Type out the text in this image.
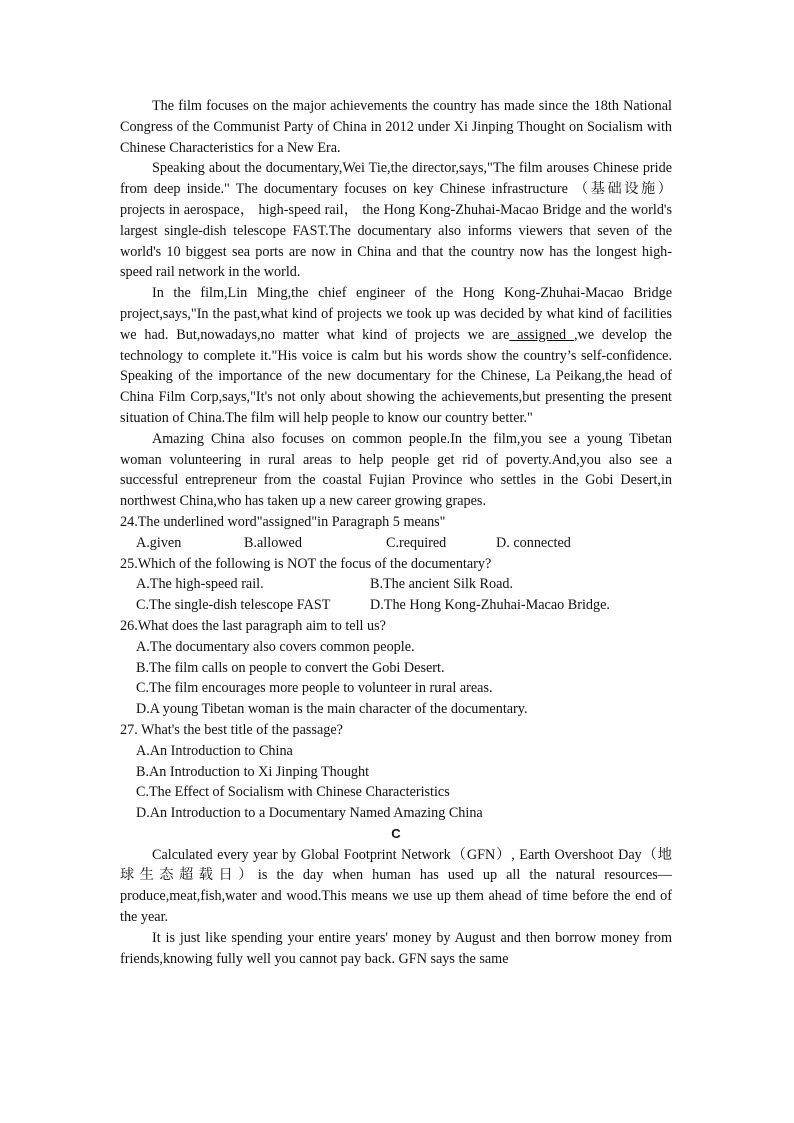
The film focuses on the major achievements the country has made since the 18th National Congress of the Communist Party of China in 2012 under Xi Jinping Thought on Socialism with Chinese Characteristics for a New Era.

Speaking about the documentary,Wei Tie,the director,says,"The film arouses Chinese pride from deep inside." The documentary focuses on key Chinese infrastructure （基础设施） projects in aerospace， high-speed rail， the Hong Kong-Zhuhai-Macao Bridge and the world's largest single-dish telescope FAST.The documentary also informs viewers that seven of the world's 10 biggest sea ports are now in China and that the country now has the longest high-speed rail network in the world.

In the film,Lin Ming,the chief engineer of the Hong Kong-Zhuhai-Macao Bridge project,says,"In the past,what kind of projects we took up was decided by what kind of facilities we had. But,nowadays,no matter what kind of projects we are assigned ,we develop the technology to complete it."His voice is calm but his words show the country’s self-confidence. Speaking of the importance of the new documentary for the Chinese, La Peikang,the head of China Film Corp,says,"It's not only about showing the achievements,but presenting the present situation of China.The film will help people to know our country better."

Amazing China also focuses on common people.In the film,you see a young Tibetan woman volunteering in rural areas to help people get rid of poverty.And,you also see a successful entrepreneur from the coastal Fujian Province who settles in the Gobi Desert,in northwest China,who has taken up a new career growing grapes.

24.The underlined word"assigned"in Paragraph 5 means"
A.given	B.allowed	C.required	D. connected
25.Which of the following is NOT the focus of the documentary?
A.The high-speed rail.	B.The ancient Silk Road.
C.The single-dish telescope FAST	D.The Hong Kong-Zhuhai-Macao Bridge.
26.What does the last paragraph aim to tell us?
A.The documentary also covers common people.
B.The film calls on people to convert the Gobi Desert.
C.The film encourages more people to volunteer in rural areas.
D.A young Tibetan woman is the main character of the documentary.
27. What's the best title of the passage?
A.An Introduction to China
B.An Introduction to Xi Jinping Thought
C.The Effect of Socialism with Chinese Characteristics
D.An Introduction to a Documentary Named Amazing China
C

Calculated every year by Global Footprint Network（GFN）, Earth Overshoot Day（地球生态超载日）is the day when human has used up all the natural resources—produce,meat,fish,water and wood.This means we use up them ahead of time before the end of the year.

It is just like spending your entire years' money by August and then borrow money from friends,knowing fully well you cannot pay back. GFN says the same
